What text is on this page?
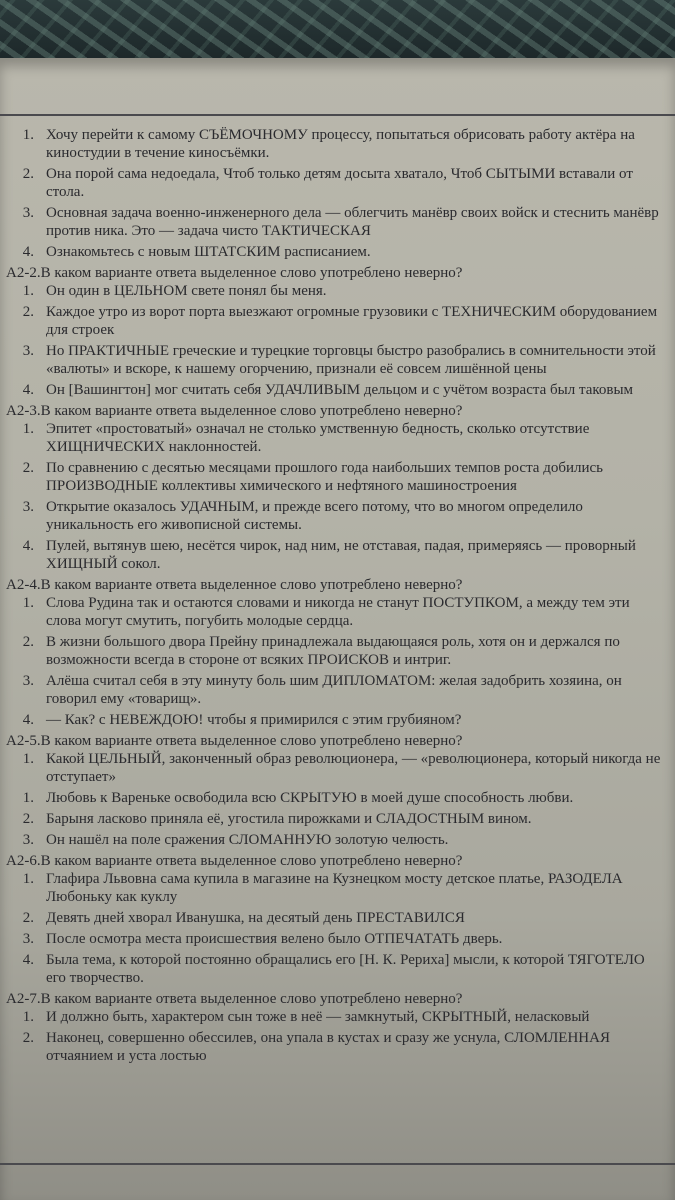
1. Хочу перейти к самому СЪЁМОЧНОМУ процессу, попытаться обрисовать работу актёра на киностудии в течение киносъёмки.
2. Она порой сама недоедала, Чтоб только детям досыта хватало, Чтоб СЫТЫМИ вставали от стола.
3. Основная задача военно-инженерного дела — облегчить манёвр своих войск и стеснить манёвр против ника. Это — задача чисто ТАКТИЧЕСКАЯ
4. Ознакомьтесь с новым ШТАТСКИМ расписанием.

А2-2.В каком варианте ответа выделенное слово употреблено неверно?

1. Он один в ЦЕЛЬНОМ свете понял бы меня.
2. Каждое утро из ворот порта выезжают огромные грузовики с ТЕХНИЧЕСКИМ оборудованием для строек
3. Но ПРАКТИЧНЫЕ греческие и турецкие торговцы быстро разобрались в сомнительности этой «валюты» и вскоре, к нашему огорчению, признали её совсем лишённой цены
4. Он [Вашингтон] мог считать себя УДАЧЛИВЫМ дельцом и с учётом возраста был таковым

А2-3.В каком варианте ответа выделенное слово употреблено неверно?

1. Эпитет «простоватый» означал не столько умственную бедность, сколько отсутствие ХИЩНИЧЕСКИХ наклонностей.
2. По сравнению с десятью месяцами прошлого года наибольших темпов роста добились ПРОИЗВОДНЫЕ коллективы химического и нефтяного машиностроения
3. Открытие оказалось УДАЧНЫМ, и прежде всего потому, что во многом определило уникальность его живописной системы.
4. Пулей, вытянув шею, несётся чирок, над ним, не отставая, падая, примеряясь — проворный ХИЩНЫЙ сокол.

А2-4.В каком варианте ответа выделенное слово употреблено неверно?

1. Слова Рудина так и остаются словами и никогда не станут ПОСТУПКОМ, а между тем эти слова могут смутить, погубить молодые сердца.
2. В жизни большого двора Прейну принадлежала выдающаяся роль, хотя он и держался по возможности всегда в стороне от всяких ПРОИСКОВ и интриг.
3. Алёша считал себя в эту минуту боль шим ДИПЛОМАТОМ: желая задобрить хозяина, он говорил ему «товарищ».
4. — Как? с НЕВЕЖДОЮ! чтобы я примирился с этим грубияном?

А2-5.В каком варианте ответа выделенное слово употреблено неверно?

1. Какой ЦЕЛЬНЫЙ, законченный образ революционера, — «революционера, который никогда не отступает»
1. Любовь к Вареньке освободила всю СКРЫТУЮ в моей душе способность любви.
2. Барыня ласково приняла её, угостила пирожками и СЛАДОСТНЫМ вином.
3. Он нашёл на поле сражения СЛОМАННУЮ золотую челюсть.

А2-6.В каком варианте ответа выделенное слово употреблено неверно?

1. Глафира Львовна сама купила в магазине на Кузнецком мосту детское платье, РАЗОДЕЛА Любоньку как куклу
2. Девять дней хворал Иванушка, на десятый день ПРЕСТАВИЛСЯ
3. После осмотра места происшествия велено было ОТПЕЧАТАТЬ дверь.
4. Была тема, к которой постоянно обращались его [Н. К. Рериха] мысли, к которой ТЯГОТЕЛО его творчество.

А2-7.В каком варианте ответа выделенное слово употреблено неверно?

1. И должно быть, характером сын тоже в неё — замкнутый, СКРЫТНЫЙ, неласковый
2. Наконец, совершенно обессилев, она упала в кустах и сразу же уснула, СЛОМЛЕННАЯ отчаянием и уста лостью
